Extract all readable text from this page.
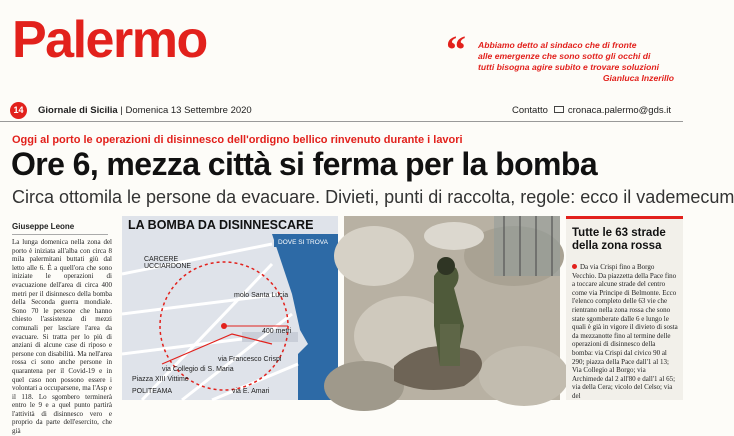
Palermo	“ Abbiamo detto al sindaco che di fronte
alle emergenze che sono sotto gli occhi di
tutti bisogna agire subito e trovare soluzioni
Gianluca Inzerillo
14	Giornale di Sicilia | Domenica 13 Settembre 2020	Contatto cronaca.palermo@gds.it
Oggi al porto le operazioni di disinnesco dell'ordigno bellico rinvenuto durante i lavori
Ore 6, mezza città si ferma per la bomba
Circa ottomila le persone da evacuare. Divieti, punti di raccolta, regole: ecco il vademecum
Giuseppe Leone
La lunga domenica nella zona del porto è iniziata all'alba con circa 8 mila palermitani buttati giù dal letto alle 6. È a quell'ora che sono iniziate le operazioni di evacuazione dell'area di circa 400 metri per il disinnesco della bomba della Seconda guerra mondiale. Sono 70 le persone che hanno chiesto l'assistenza di mezzi comunali per lasciare l'area da evacuare. Si tratta per lo più di anziani di alcune case di riposo e persone con disabilità. Ma nell'area rossa ci sono anche persone in quarantena per il Covid-19 e in quel caso non possono essere i volontari a occuparsene, ma l'Asp e il 118. Lo sgombero terminerà entro le 9 e a quel punto partirà l'attività di disinnesco vero e proprio da parte dell'esercito, che già
LA BOMBA DA DISINNESCARE
DOVE SI TROVA
CARCERE UCCIARDONE
molo Santa Lucia
400 metri
via Francesco Crispi
via Collegio di S. Maria
Piazza XIII Vittime
POLITEAMA	via E. Amari
Tutte le 63 strade
della zona rossa
Da via Crispi fino a Borgo Vecchio. Da piazzetta della Pace fino a toccare alcune strade del centro come via Principe di Belmonte. Ecco l'elenco completo delle 63 vie che rientrano nella zona rossa che sono state sgomberate dalle 6 e lungo le quali è già in vigore il divieto di sosta da mezzanotte fino al termine delle operazioni di disinnesco della bomba: via Crispi dal civico 90 al 290; piazza della Pace dall'1 al 13; Via Collegio al Borgo; via Archimede dal 2 all'80 e dall'1 al 65; via della Cera; vicolo del Celso; via del
